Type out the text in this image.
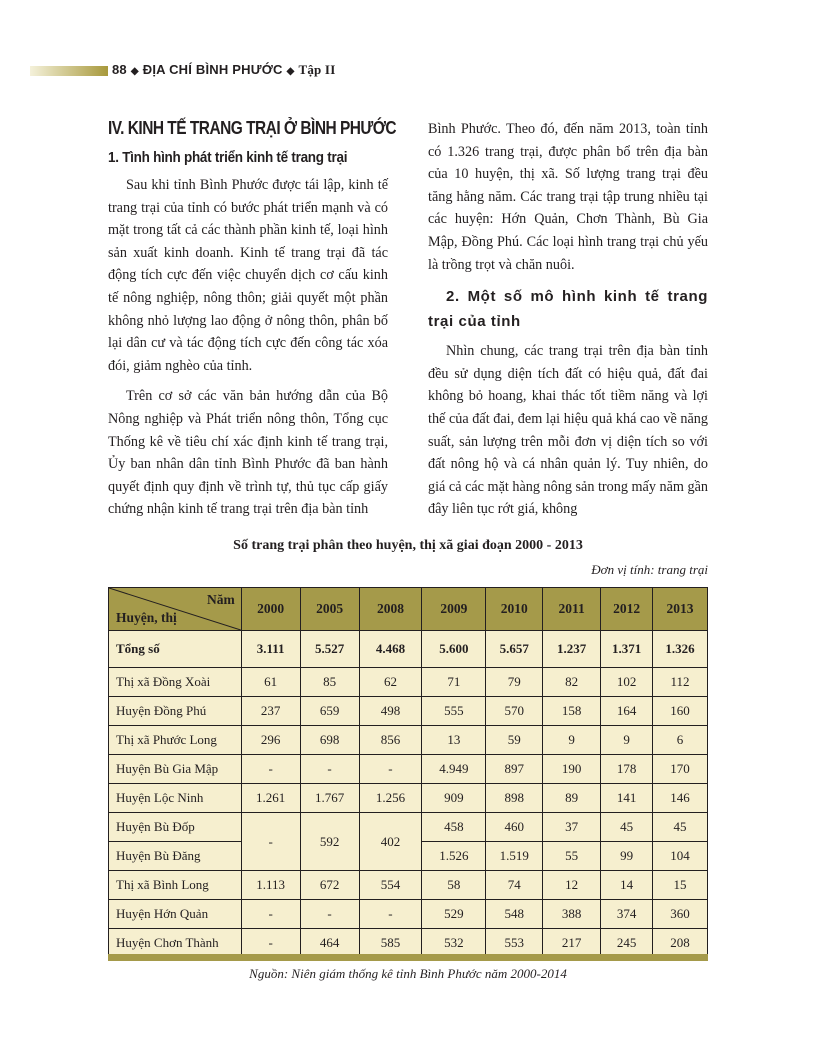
88 ◆ ĐỊA CHÍ BÌNH PHƯỚC ◆ Tập II
IV. KINH TẾ TRANG TRẠI Ở BÌNH PHƯỚC
1. Tình hình phát triển kinh tế trang trại

Sau khi tỉnh Bình Phước được tái lập, kinh tế trang trại của tỉnh có bước phát triển mạnh và có mặt trong tất cả các thành phần kinh tế, loại hình sản xuất kinh doanh. Kinh tế trang trại đã tác động tích cực đến việc chuyển dịch cơ cấu kinh tế nông nghiệp, nông thôn; giải quyết một phần không nhỏ lượng lao động ở nông thôn, phân bố lại dân cư và tác động tích cực đến công tác xóa đói, giảm nghèo của tỉnh.

Trên cơ sở các văn bản hướng dẫn của Bộ Nông nghiệp và Phát triển nông thôn, Tổng cục Thống kê về tiêu chí xác định kinh tế trang trại, Ủy ban nhân dân tỉnh Bình Phước đã ban hành quyết định quy định về trình tự, thủ tục cấp giấy chứng nhận kinh tế trang trại trên địa bàn tỉnh

Bình Phước. Theo đó, đến năm 2013, toàn tỉnh có 1.326 trang trại, được phân bổ trên địa bàn của 10 huyện, thị xã. Số lượng trang trại đều tăng hằng năm. Các trang trại tập trung nhiều tại các huyện: Hớn Quản, Chơn Thành, Bù Gia Mập, Đồng Phú. Các loại hình trang trại chủ yếu là trồng trọt và chăn nuôi.

2. Một số mô hình kinh tế trang trại của tỉnh

Nhìn chung, các trang trại trên địa bàn tỉnh đều sử dụng diện tích đất có hiệu quả, đất đai không bỏ hoang, khai thác tốt tiềm năng và lợi thế của đất đai, đem lại hiệu quả khá cao về năng suất, sản lượng trên mỗi đơn vị diện tích so với đất nông hộ và cá nhân quản lý. Tuy nhiên, do giá cả các mặt hàng nông sản trong mấy năm gần đây liên tục rớt giá, không

Số trang trại phân theo huyện, thị xã giai đoạn 2000 - 2013
Đơn vị tính: trang trại
Năm
Huyện, thị	2000	2005	2008	2009	2010	2011	2012	2013
Tổng số	3.111	5.527	4.468	5.600	5.657	1.237	1.371	1.326
Thị xã Đồng Xoài	61	85	62	71	79	82	102	112
Huyện Đồng Phú	237	659	498	555	570	158	164	160
Thị xã Phước Long	296	698	856	13	59	9	9	6
Huyện Bù Gia Mập	-	-	-	4.949	897	190	178	170
Huyện Lộc Ninh	1.261	1.767	1.256	909	898	89	141	146
Huyện Bù Đốp	-	592	402	458	460	37	45	45
Huyện Bù Đăng				1.526	1.519	55	99	104
Thị xã Bình Long	1.113	672	554	58	74	12	14	15
Huyện Hớn Quản	-	-	-	529	548	388	374	360
Huyện Chơn Thành	-	464	585	532	553	217	245	208
Nguồn: Niên giám thống kê tỉnh Bình Phước năm 2000-2014
